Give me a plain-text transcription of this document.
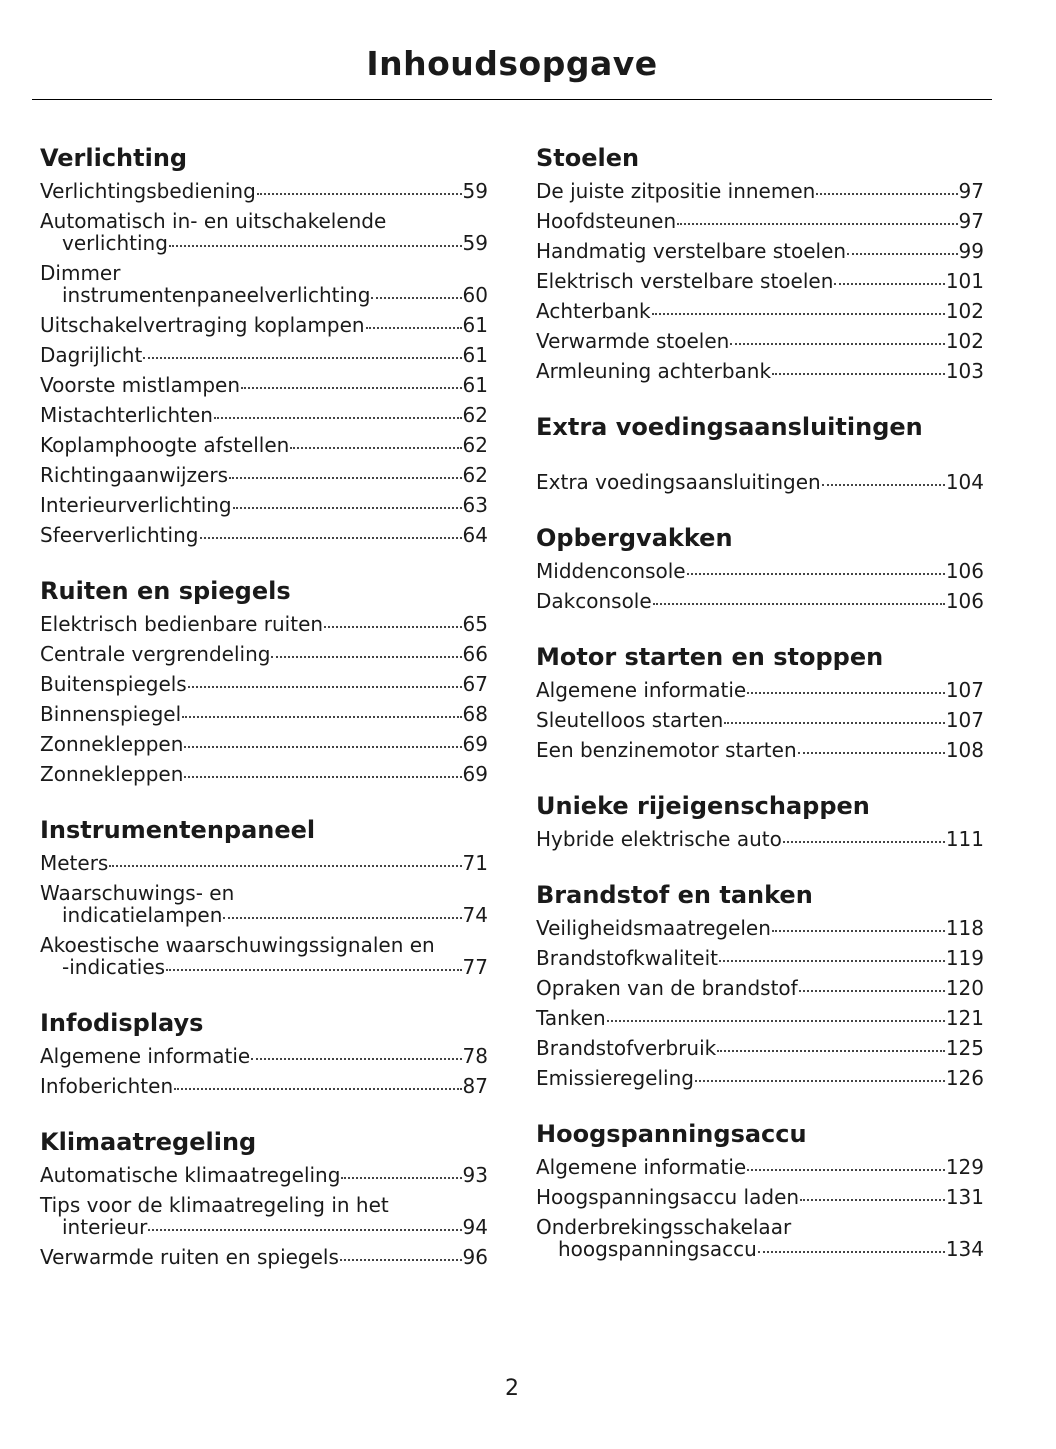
Inhoudsopgave
Verlichting
Verlichtingsbediening	59
Automatisch in- en uitschakelende
verlichting	59
Dimmer
instrumentenpaneelverlichting	60
Uitschakelvertraging koplampen	61
Dagrijlicht	61
Voorste mistlampen	61
Mistachterlichten	62
Koplamphoogte afstellen	62
Richtingaanwijzers	62
Interieurverlichting	63
Sfeerverlichting	64
Ruiten en spiegels
Elektrisch bedienbare ruiten	65
Centrale vergrendeling	66
Buitenspiegels	67
Binnenspiegel	68
Zonnekleppen	69
Zonnekleppen	69
Instrumentenpaneel
Meters	71
Waarschuwings- en
indicatielampen	74
Akoestische waarschuwingssignalen en
-indicaties	77
Infodisplays
Algemene informatie	78
Infoberichten	87
Klimaatregeling
Automatische klimaatregeling	93
Tips voor de klimaatregeling in het
interieur	94
Verwarmde ruiten en spiegels	96
Stoelen
De juiste zitpositie innemen	97
Hoofdsteunen	97
Handmatig verstelbare stoelen	99
Elektrisch verstelbare stoelen	101
Achterbank	102
Verwarmde stoelen	102
Armleuning achterbank	103
Extra voedingsaansluitingen
Extra voedingsaansluitingen	104
Opbergvakken
Middenconsole	106
Dakconsole	106
Motor starten en stoppen
Algemene informatie	107
Sleutelloos starten	107
Een benzinemotor starten	108
Unieke rijeigenschappen
Hybride elektrische auto	111
Brandstof en tanken
Veiligheidsmaatregelen	118
Brandstofkwaliteit	119
Opraken van de brandstof	120
Tanken	121
Brandstofverbruik	125
Emissieregeling	126
Hoogspanningsaccu
Algemene informatie	129
Hoogspanningsaccu laden	131
Onderbrekingsschakelaar
hoogspanningsaccu	134
2
